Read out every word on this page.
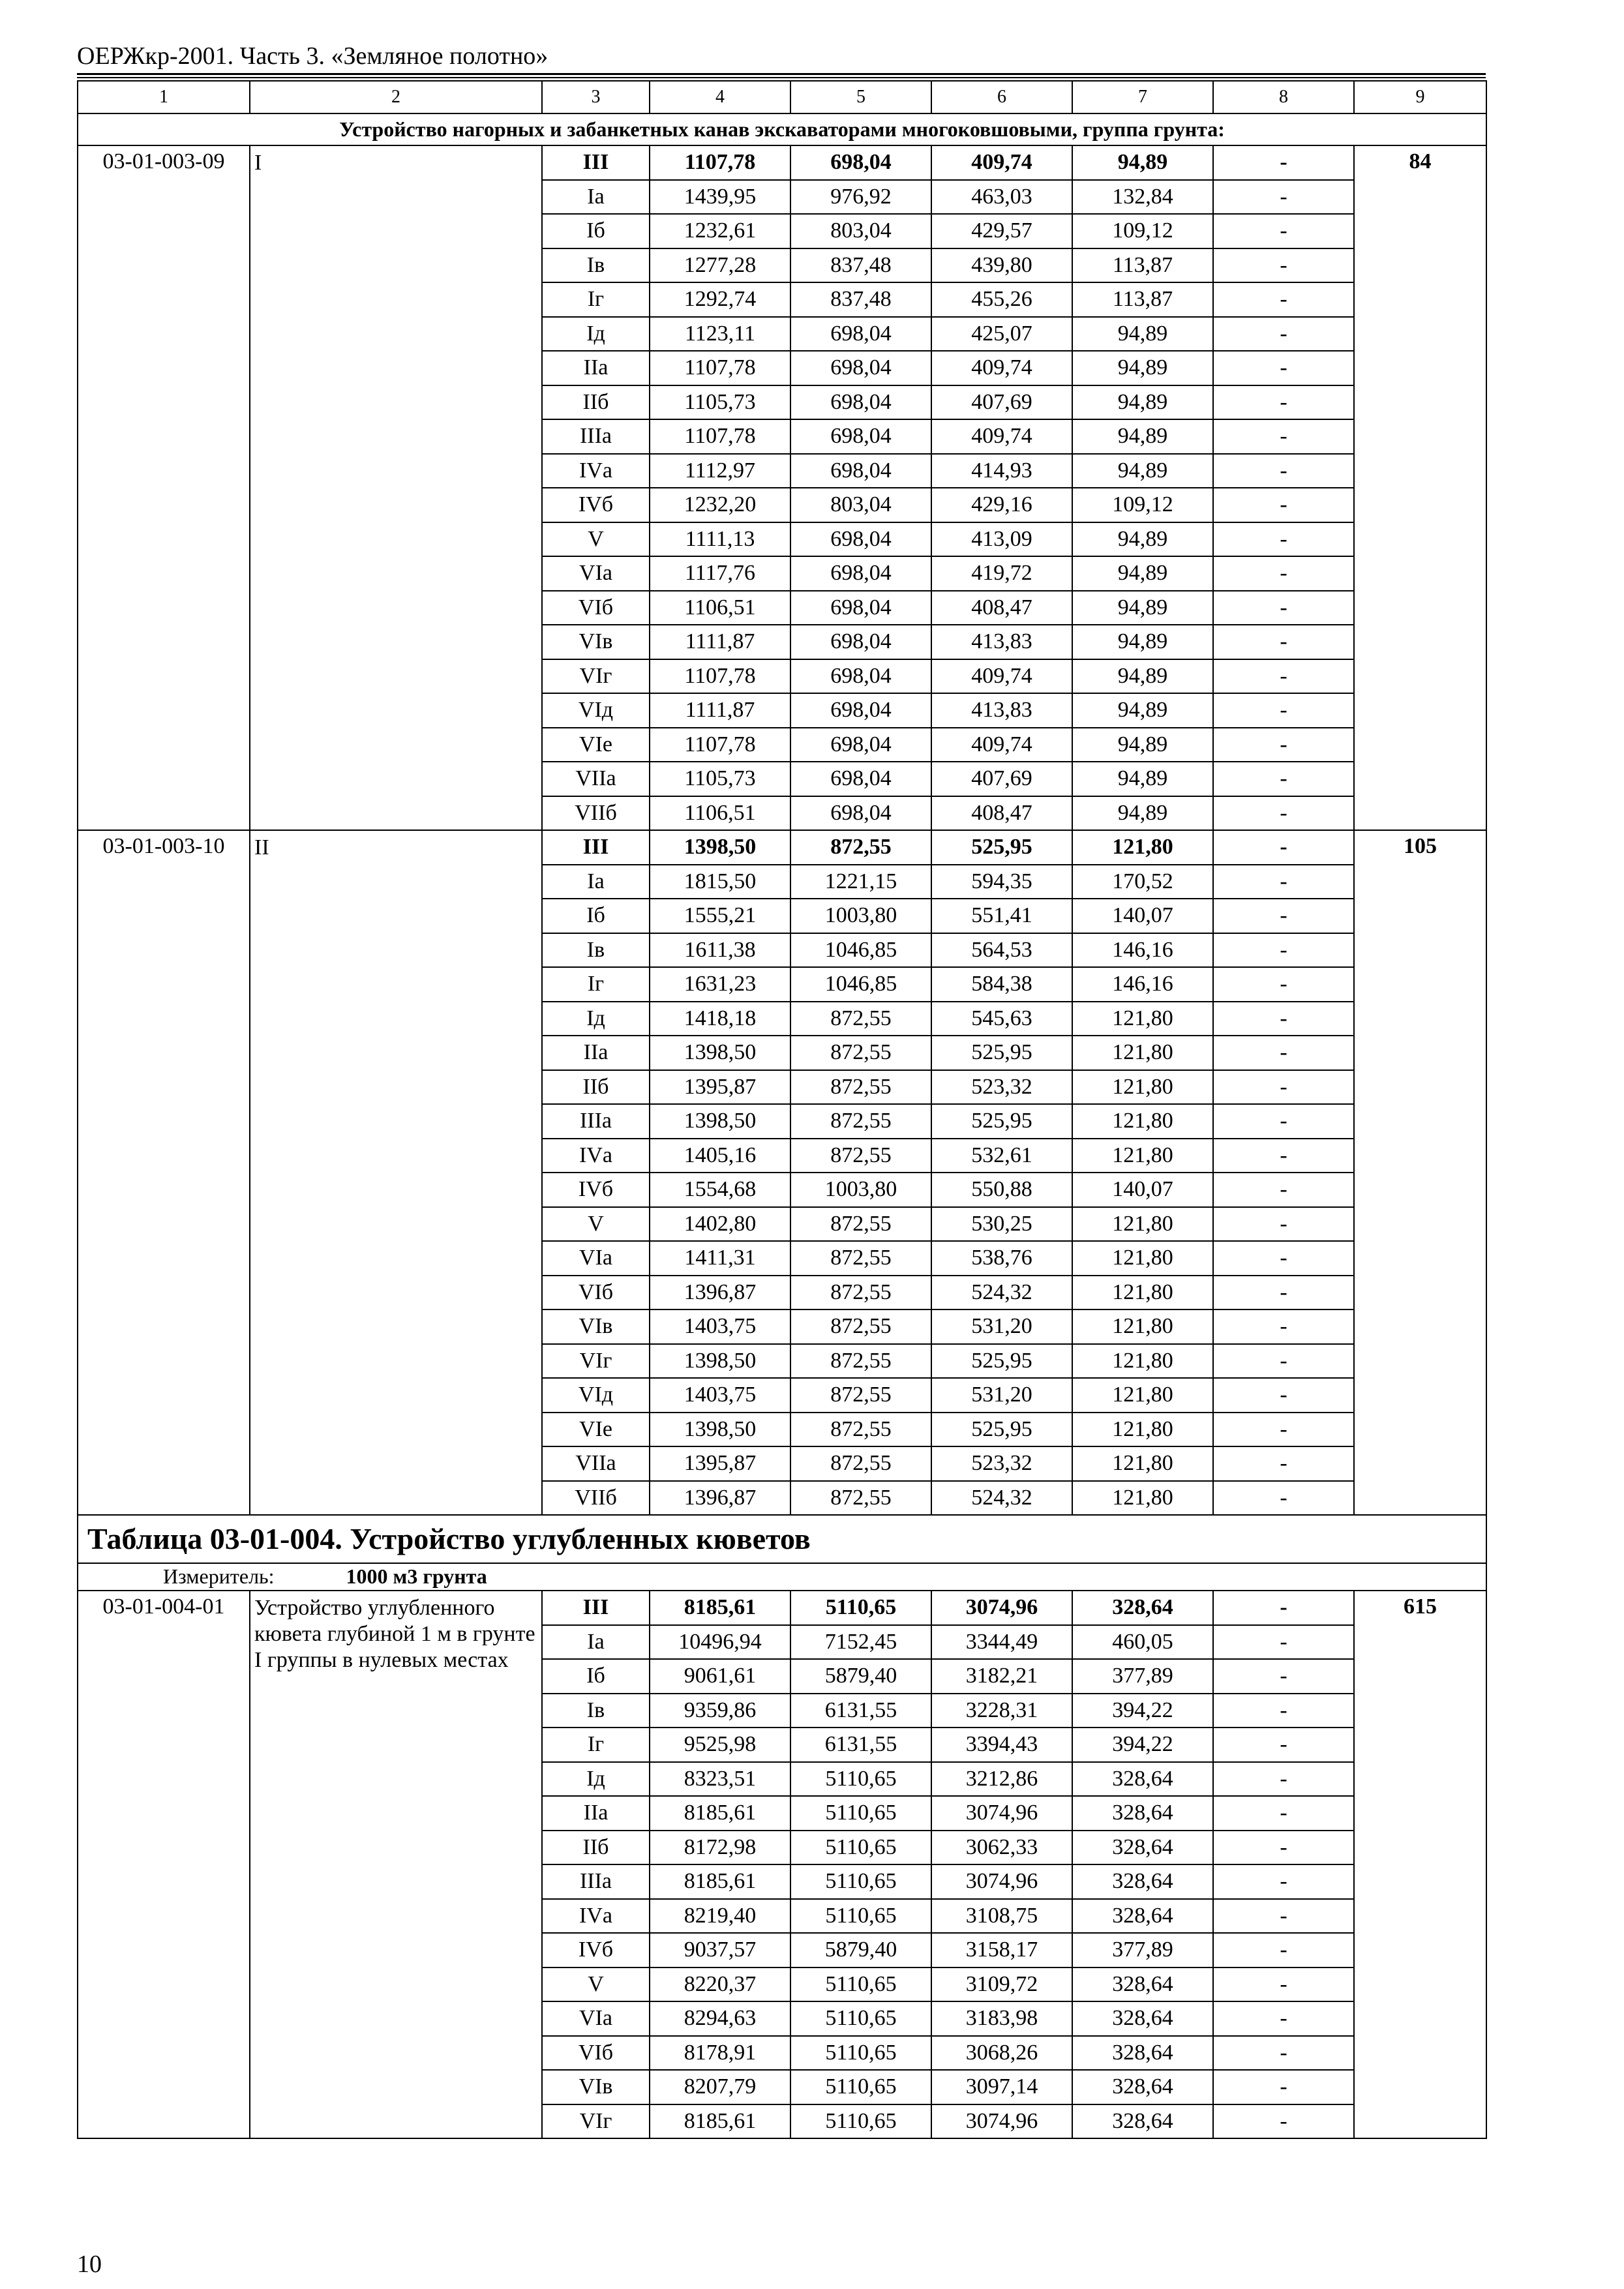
ОЕРЖкр-2001. Часть 3. «Земляное полотно»
1	2	3	4	5	6	7	8	9
Устройство нагорных и забанкетных канав экскаваторами многоковшовыми, группа грунта:								
03-01-003-09	I	III	1107,78	698,04	409,74	94,89	-	84
		Iа	1439,95	976,92	463,03	132,84	-	
		Iб	1232,61	803,04	429,57	109,12	-	
		Iв	1277,28	837,48	439,80	113,87	-	
		Iг	1292,74	837,48	455,26	113,87	-	
		Iд	1123,11	698,04	425,07	94,89	-	
		IIа	1107,78	698,04	409,74	94,89	-	
		IIб	1105,73	698,04	407,69	94,89	-	
		IIIа	1107,78	698,04	409,74	94,89	-	
		IVа	1112,97	698,04	414,93	94,89	-	
		IVб	1232,20	803,04	429,16	109,12	-	
		V	1111,13	698,04	413,09	94,89	-	
		VIа	1117,76	698,04	419,72	94,89	-	
		VIб	1106,51	698,04	408,47	94,89	-	
		VIв	1111,87	698,04	413,83	94,89	-	
		VIг	1107,78	698,04	409,74	94,89	-	
		VIд	1111,87	698,04	413,83	94,89	-	
		VIе	1107,78	698,04	409,74	94,89	-	
		VIIа	1105,73	698,04	407,69	94,89	-	
		VIIб	1106,51	698,04	408,47	94,89	-	
03-01-003-10	II	III	1398,50	872,55	525,95	121,80	-	105
		Iа	1815,50	1221,15	594,35	170,52	-	
		Iб	1555,21	1003,80	551,41	140,07	-	
		Iв	1611,38	1046,85	564,53	146,16	-	
		Iг	1631,23	1046,85	584,38	146,16	-	
		Iд	1418,18	872,55	545,63	121,80	-	
		IIа	1398,50	872,55	525,95	121,80	-	
		IIб	1395,87	872,55	523,32	121,80	-	
		IIIа	1398,50	872,55	525,95	121,80	-	
		IVа	1405,16	872,55	532,61	121,80	-	
		IVб	1554,68	1003,80	550,88	140,07	-	
		V	1402,80	872,55	530,25	121,80	-	
		VIа	1411,31	872,55	538,76	121,80	-	
		VIб	1396,87	872,55	524,32	121,80	-	
		VIв	1403,75	872,55	531,20	121,80	-	
		VIг	1398,50	872,55	525,95	121,80	-	
		VIд	1403,75	872,55	531,20	121,80	-	
		VIе	1398,50	872,55	525,95	121,80	-	
		VIIа	1395,87	872,55	523,32	121,80	-	
		VIIб	1396,87	872,55	524,32	121,80	-	
Таблица 03-01-004. Устройство углубленных кюветов								
Измеритель: 1000 м3 грунта								
03-01-004-01	Устройство углубленного кювета глубиной 1 м в грунте I группы в нулевых местах	III	8185,61	5110,65	3074,96	328,64	-	615
		Iа	10496,94	7152,45	3344,49	460,05	-	
		Iб	9061,61	5879,40	3182,21	377,89	-	
		Iв	9359,86	6131,55	3228,31	394,22	-	
		Iг	9525,98	6131,55	3394,43	394,22	-	
		Iд	8323,51	5110,65	3212,86	328,64	-	
		IIа	8185,61	5110,65	3074,96	328,64	-	
		IIб	8172,98	5110,65	3062,33	328,64	-	
		IIIа	8185,61	5110,65	3074,96	328,64	-	
		IVа	8219,40	5110,65	3108,75	328,64	-	
		IVб	9037,57	5879,40	3158,17	377,89	-	
		V	8220,37	5110,65	3109,72	328,64	-	
		VIа	8294,63	5110,65	3183,98	328,64	-	
		VIб	8178,91	5110,65	3068,26	328,64	-	
		VIв	8207,79	5110,65	3097,14	328,64	-	
		VIг	8185,61	5110,65	3074,96	328,64	-	
10
